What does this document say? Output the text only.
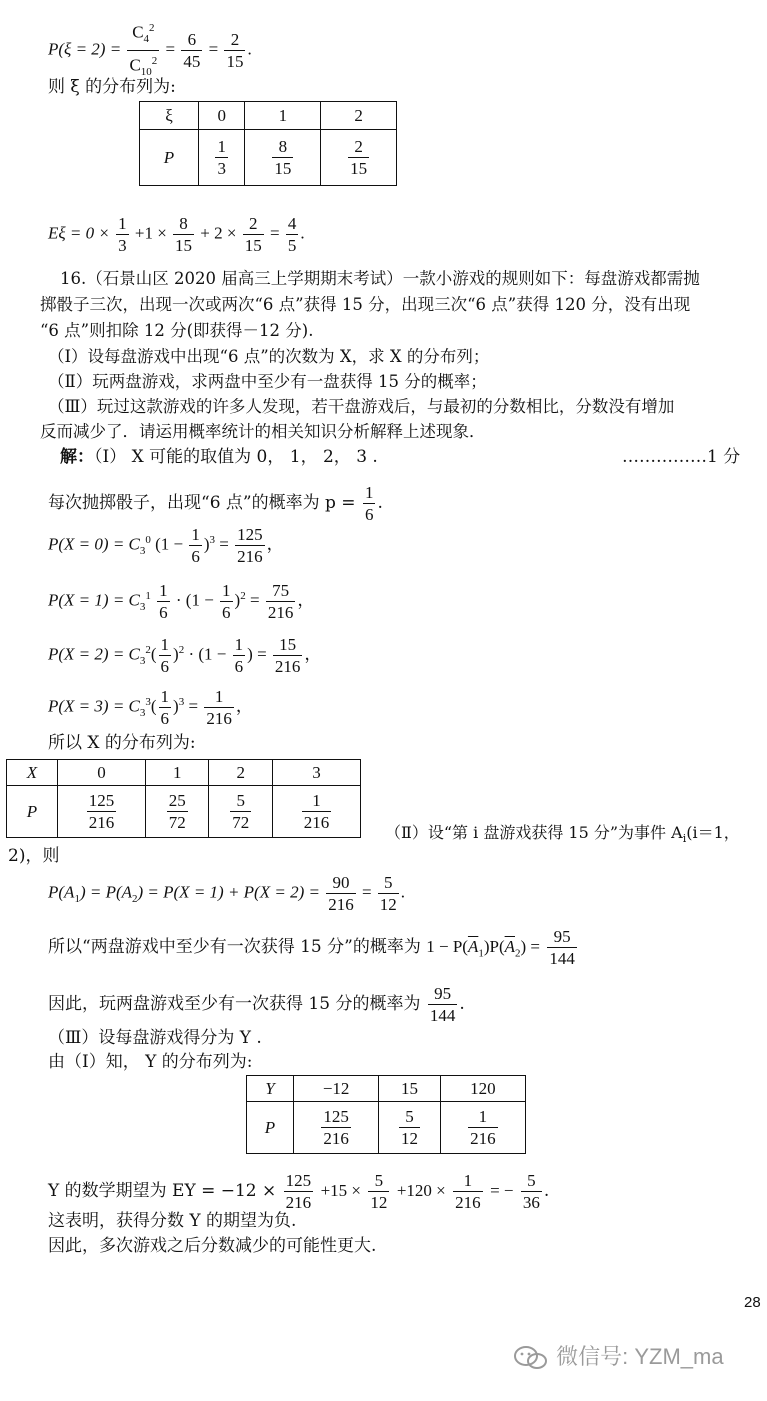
$P(\xi = 2) = \frac{C_4^2}{C_{10}^2} = \frac{6}{45} = \frac{2}{15}$ .
则 ξ 的分布列为:
ξ	0	1	2
P	$\frac{1}{3}$	$\frac{8}{15}$	$\frac{2}{15}$
$E\xi = 0 \times \frac{1}{3} +1 \times \frac{8}{15} + 2 \times \frac{2}{15} = \frac{4}{5}$ .
16.（石景山区 2020 届高三上学期期末考试）一款小游戏的规则如下：每盘游戏都需抛
掷骰子三次，出现一次或两次“6 点”获得 15 分，出现三次“6 点”获得 120 分，没有出现
“6 点”则扣除 12 分(即获得－12 分).
（Ⅰ）设每盘游戏中出现“6 点”的次数为 X，求 X 的分布列；
（Ⅱ）玩两盘游戏，求两盘中至少有一盘获得 15 分的概率；
（Ⅲ）玩过这款游戏的许多人发现，若干盘游戏后，与最初的分数相比，分数没有增加
反而减少了．请运用概率统计的相关知识分析解释上述现象．
解：（Ⅰ） X 可能的取值为 0， 1， 2， 3 .	……………1 分
每次抛掷骰子，出现“6 点”的概率为 $p = \frac{1}{6}$ .
$P(X = 0) = C_3^0$ $(1 - \frac{1}{6} )^3 = \frac{125}{216}$ ，
$P(X = 1) = C_3^1 \frac{1}{6} \cdot (1 - \frac{1}{6} )^2 = \frac{75}{216}$ ，
$P(X = 2) = C_3^2( \frac{1}{6} )^2 \cdot (1 - \frac{1}{6}$ ) = $\frac{15}{216}$ ，
$P(X = 3) = C_3^3( \frac{1}{6} )^3 = \frac{1}{216}$ ，
所以 X 的分布列为:
X	0	1	2	3
P	$\frac{125}{216}$	$\frac{25}{72}$	$\frac{5}{72}$	$\frac{1}{216}$	（Ⅱ）设“第 i 盘游戏获得 15 分”为事件 $A_i(i=1$，
2)，则
$P(A_1) = P(A_2) = P(X = 1) + P(X = 2) = \frac{90}{216} = \frac{5}{12}$ .
所以“两盘游戏中至少有一次获得 15 分”的概率为 $1 - P(\overline{A}_1)P(\overline{A}_2) = \frac{95}{144}$
因此，玩两盘游戏至少有一次获得 15 分的概率为 $\frac{95}{144}$ .
（Ⅲ）设每盘游戏得分为 Y .
由（Ⅰ）知， Y 的分布列为:
Y	−12	15	120
P	$\frac{125}{216}$	$\frac{5}{12}$	$\frac{1}{216}$
Y 的数学期望为 EY = $-12 \times \frac{125}{216} +15 \times \frac{5}{12} +120 \times \frac{1}{216}$ = − $\frac{5}{36}$ .
这表明，获得分数 Y 的期望为负.
因此，多次游戏之后分数减少的可能性更大.
28
微信号: YZM_ma
